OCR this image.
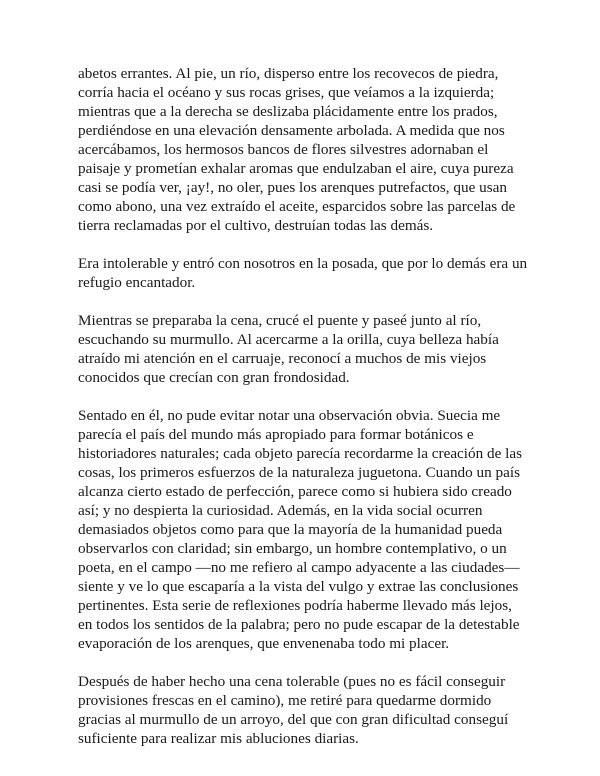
abetos errantes. Al pie, un río, disperso entre los recovecos de piedra, corría hacia el océano y sus rocas grises, que veíamos a la izquierda; mientras que a la derecha se deslizaba plácidamente entre los prados, perdiéndose en una elevación densamente arbolada. A medida que nos acercábamos, los hermosos bancos de flores silvestres adornaban el paisaje y prometían exhalar aromas que endulzaban el aire, cuya pureza casi se podía ver, ¡ay!, no oler, pues los arenques putrefactos, que usan como abono, una vez extraído el aceite, esparcidos sobre las parcelas de tierra reclamadas por el cultivo, destruían todas las demás.

Era intolerable y entró con nosotros en la posada, que por lo demás era un refugio encantador.

Mientras se preparaba la cena, crucé el puente y paseé junto al río, escuchando su murmullo. Al acercarme a la orilla, cuya belleza había atraído mi atención en el carruaje, reconocí a muchos de mis viejos conocidos que crecían con gran frondosidad.

Sentado en él, no pude evitar notar una observación obvia. Suecia me parecía el país del mundo más apropiado para formar botánicos e historiadores naturales; cada objeto parecía recordarme la creación de las cosas, los primeros esfuerzos de la naturaleza juguetona. Cuando un país alcanza cierto estado de perfección, parece como si hubiera sido creado así; y no despierta la curiosidad. Además, en la vida social ocurren demasiados objetos como para que la mayoría de la humanidad pueda observarlos con claridad; sin embargo, un hombre contemplativo, o un poeta, en el campo —no me refiero al campo adyacente a las ciudades— siente y ve lo que escaparía a la vista del vulgo y extrae las conclusiones pertinentes. Esta serie de reflexiones podría haberme llevado más lejos, en todos los sentidos de la palabra; pero no pude escapar de la detestable evaporación de los arenques, que envenenaba todo mi placer.

Después de haber hecho una cena tolerable (pues no es fácil conseguir provisiones frescas en el camino), me retiré para quedarme dormido gracias al murmullo de un arroyo, del que con gran dificultad conseguí suficiente para realizar mis abluciones diarias.
